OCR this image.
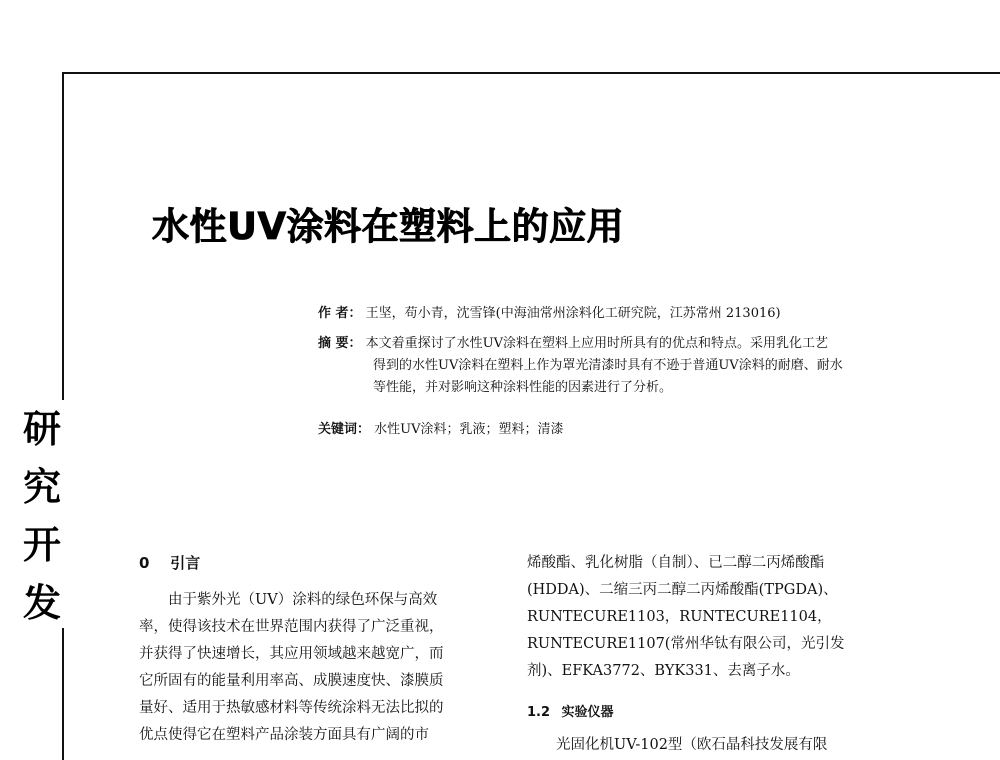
水性UV涂料在塑料上的应用
作 者： 王坚，苟小青，沈雪锋(中海油常州涂料化工研究院，江苏常州 213016)
摘 要： 本文着重探讨了水性UV涂料在塑料上应用时所具有的优点和特点。采用乳化工艺
得到的水性UV涂料在塑料上作为罩光清漆时具有不逊于普通UV涂料的耐磨、耐水
等性能，并对影响这种涂料性能的因素进行了分析。
关键词： 水性UV涂料；乳液；塑料；清漆
研
究
开
发
0 引言

由于紫外光（UV）涂料的绿色环保与高效

率，使得该技术在世界范围内获得了广泛重视，

并获得了快速增长，其应用领域越来越宽广，而

它所固有的能量利用率高、成膜速度快、漆膜质

量好、适用于热敏感材料等传统涂料无法比拟的

优点使得它在塑料产品涂装方面具有广阔的市

烯酸酯、乳化树脂（自制）、已二醇二丙烯酸酯

(HDDA)、二缩三丙二醇二丙烯酸酯(TPGDA)、

RUNTECURE1103，RUNTECURE1104，

RUNTECURE1107(常州华钛有限公司，光引发

剂)、EFKA3772、BYK331、去离子水。

1.2 实验仪器

光固化机UV-102型（欧石晶科技发展有限
